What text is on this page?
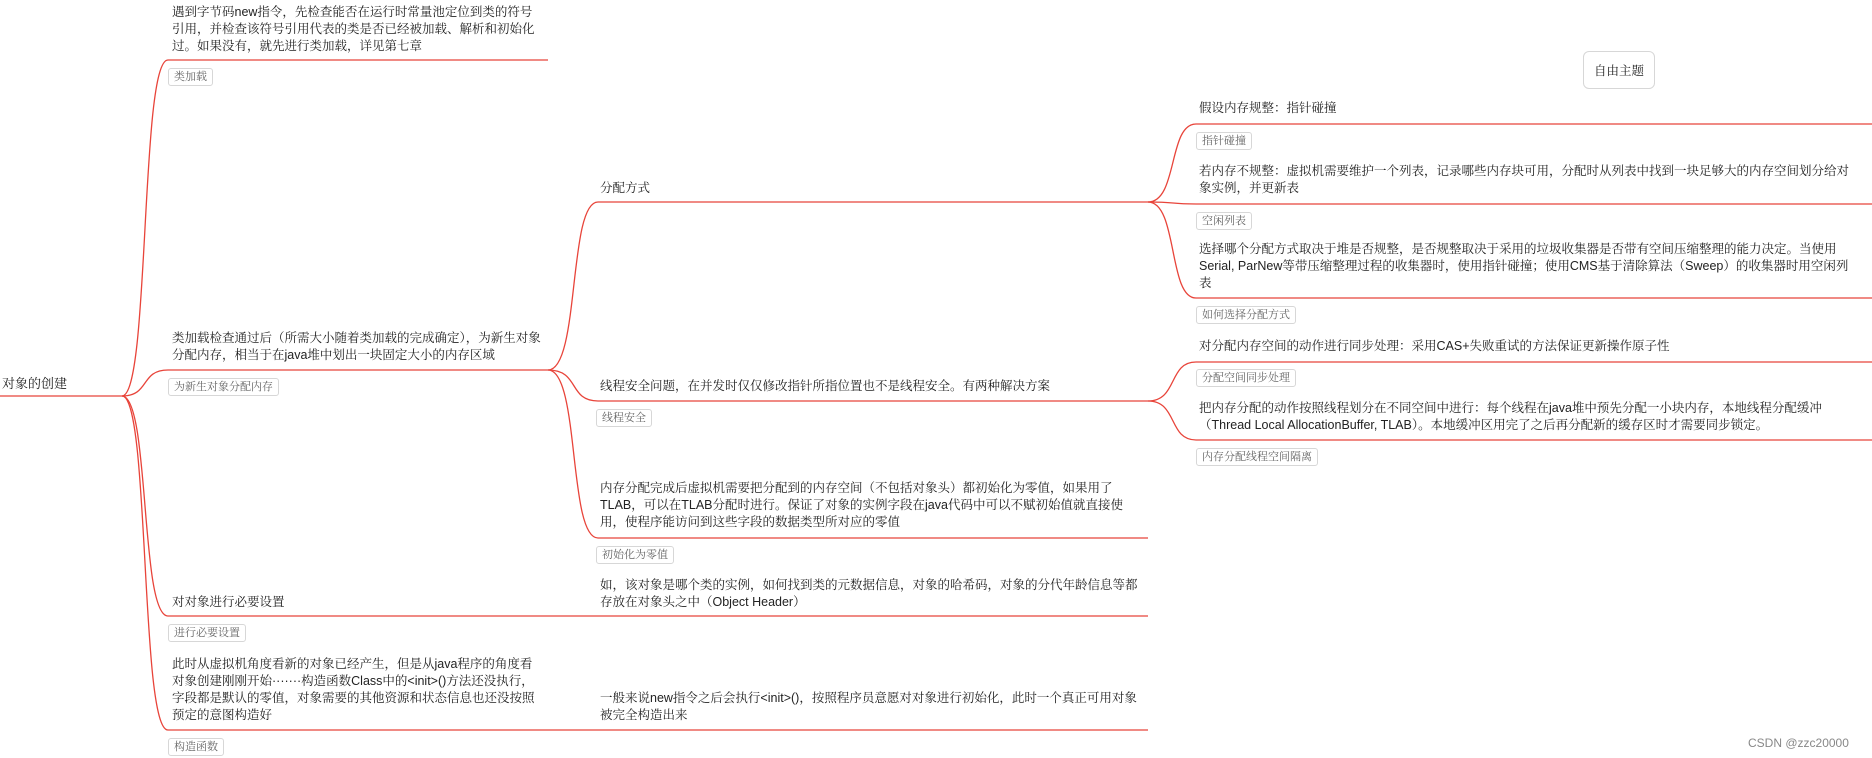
对象的创建
自由主题
遇到字节码new指令，先检查能否在运行时常量池定位到类的符号引用，并检查该符号引用代表的类是否已经被加载、解析和初始化过。如果没有，就先进行类加载，详见第七章
类加载
类加载检查通过后（所需大小随着类加载的完成确定），为新生对象分配内存，相当于在java堆中划出一块固定大小的内存区域
为新生对象分配内存
对对象进行必要设置
进行必要设置
此时从虚拟机角度看新的对象已经产生，但是从java程序的角度看对象创建刚刚开始·······构造函数Class中的<init>()方法还没执行，字段都是默认的零值，对象需要的其他资源和状态信息也还没按照预定的意图构造好
构造函数
分配方式
线程安全问题，在并发时仅仅修改指针所指位置也不是线程安全。有两种解决方案
线程安全
内存分配完成后虚拟机需要把分配到的内存空间（不包括对象头）都初始化为零值，如果用了TLAB，可以在TLAB分配时进行。保证了对象的实例字段在java代码中可以不赋初始值就直接使用，使程序能访问到这些字段的数据类型所对应的零值
初始化为零值
如，该对象是哪个类的实例，如何找到类的元数据信息，对象的哈希码，对象的分代年龄信息等都存放在对象头之中（Object Header）
一般来说new指令之后会执行<init>()，按照程序员意愿对对象进行初始化，此时一个真正可用对象被完全构造出来
假设内存规整：指针碰撞
指针碰撞
若内存不规整：虚拟机需要维护一个列表，记录哪些内存块可用，分配时从列表中找到一块足够大的内存空间划分给对象实例，并更新表
空闲列表
选择哪个分配方式取决于堆是否规整，是否规整取决于采用的垃圾收集器是否带有空间压缩整理的能力决定。当使用Serial, ParNew等带压缩整理过程的收集器时，使用指针碰撞；使用CMS基于清除算法（Sweep）的收集器时用空闲列表
如何选择分配方式
对分配内存空间的动作进行同步处理：采用CAS+失败重试的方法保证更新操作原子性
分配空间同步处理
把内存分配的动作按照线程划分在不同空间中进行：每个线程在java堆中预先分配一小块内存，本地线程分配缓冲（Thread Local AllocationBuffer, TLAB）。本地缓冲区用完了之后再分配新的缓存区时才需要同步锁定。
内存分配线程空间隔离
CSDN @zzc20000
